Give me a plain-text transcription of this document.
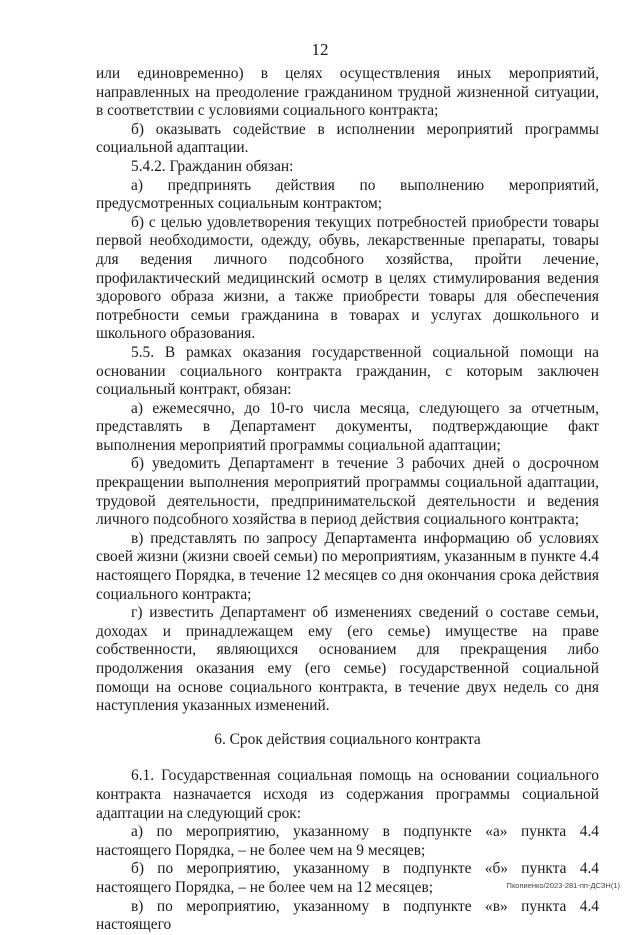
12

или единовременно) в целях осуществления иных мероприятий, направленных на преодоление гражданином трудной жизненной ситуации, в соответствии с условиями социального контракта;

б) оказывать содействие в исполнении мероприятий программы социальной адаптации.

5.4.2. Гражданин обязан:

а) предпринять действия по выполнению мероприятий, предусмотренных социальным контрактом;

б) с целью удовлетворения текущих потребностей приобрести товары первой необходимости, одежду, обувь, лекарственные препараты, товары для ведения личного подсобного хозяйства, пройти лечение, профилактический медицинский осмотр в целях стимулирования ведения здорового образа жизни, а также приобрести товары для обеспечения потребности семьи гражданина в товарах и услугах дошкольного и школьного образования.

5.5. В рамках оказания государственной социальной помощи на основании социального контракта гражданин, с которым заключен социальный контракт, обязан:

а) ежемесячно, до 10-го числа месяца, следующего за отчетным, представлять в Департамент документы, подтверждающие факт выполнения мероприятий программы социальной адаптации;

б) уведомить Департамент в течение 3 рабочих дней о досрочном прекращении выполнения мероприятий программы социальной адаптации, трудовой деятельности, предпринимательской деятельности и ведения личного подсобного хозяйства в период действия социального контракта;

в) представлять по запросу Департамента информацию об условиях своей жизни (жизни своей семьи) по мероприятиям, указанным в пункте 4.4 настоящего Порядка, в течение 12 месяцев со дня окончания срока действия социального контракта;

г) известить Департамент об изменениях сведений о составе семьи, доходах и принадлежащем ему (его семье) имуществе на праве собственности, являющихся основанием для прекращения либо продолжения оказания ему (его семье) государственной социальной помощи на основе социального контракта, в течение двух недель со дня наступления указанных изменений.

6. Срок действия социального контракта

6.1. Государственная социальная помощь на основании социального контракта назначается исходя из содержания программы социальной адаптации на следующий срок:

а) по мероприятию, указанному в подпункте «а» пункта 4.4 настоящего Порядка, – не более чем на 9 месяцев;

б) по мероприятию, указанному в подпункте «б» пункта 4.4 настоящего Порядка, – не более чем на 12 месяцев;

в) по мероприятию, указанному в подпункте «в» пункта 4.4 настоящего

Пкопиенко/2023-281-пп-ДСЗН(1)
